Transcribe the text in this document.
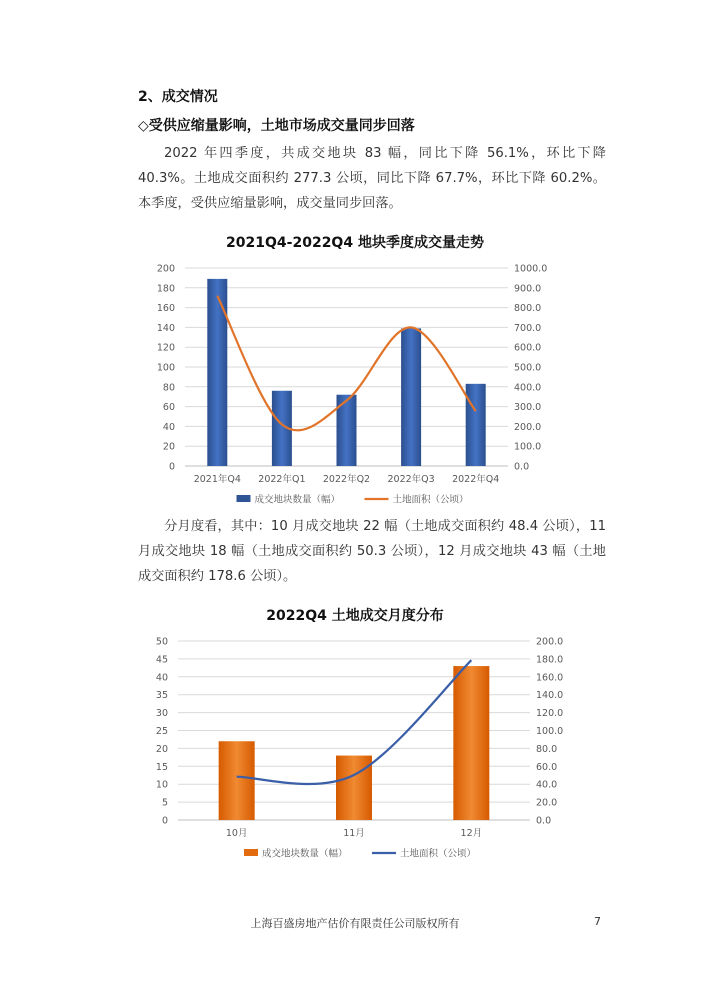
2、成交情况
◇受供应缩量影响，土地市场成交量同步回落

2022 年四季度，共成交地块 83 幅，同比下降 56.1%，环比下降 40.3%。土地成交面积约 277.3 公顷，同比下降 67.7%，环比下降 60.2%。本季度，受供应缩量影响，成交量同步回落。

2021Q4-2022Q4 地块季度成交量走势
0
20
40
60
80
100
120
140
160
180
200
0.0
100.0
200.0
300.0
400.0
500.0
600.0
700.0
800.0
900.0
1000.0
2021年Q4 2022年Q1 2022年Q2 2022年Q3 2022年Q4
成交地块数量（幅）	土地面积（公顷）

分月度看，其中：10 月成交地块 22 幅（土地成交面积约 48.4 公顷），11 月成交地块 18 幅（土地成交面积约 50.3 公顷），12 月成交地块 43 幅（土地成交面积约 178.6 公顷）。

2022Q4 土地成交月度分布
0
5
10
15
20
25
30
35
40
45
50
0.0
20.0
40.0
60.0
80.0
100.0
120.0
140.0
160.0
180.0
200.0
10月	11月	12月
成交地块数量（幅）	土地面积（公顷）
上海百盛房地产估价有限责任公司版权所有	7
